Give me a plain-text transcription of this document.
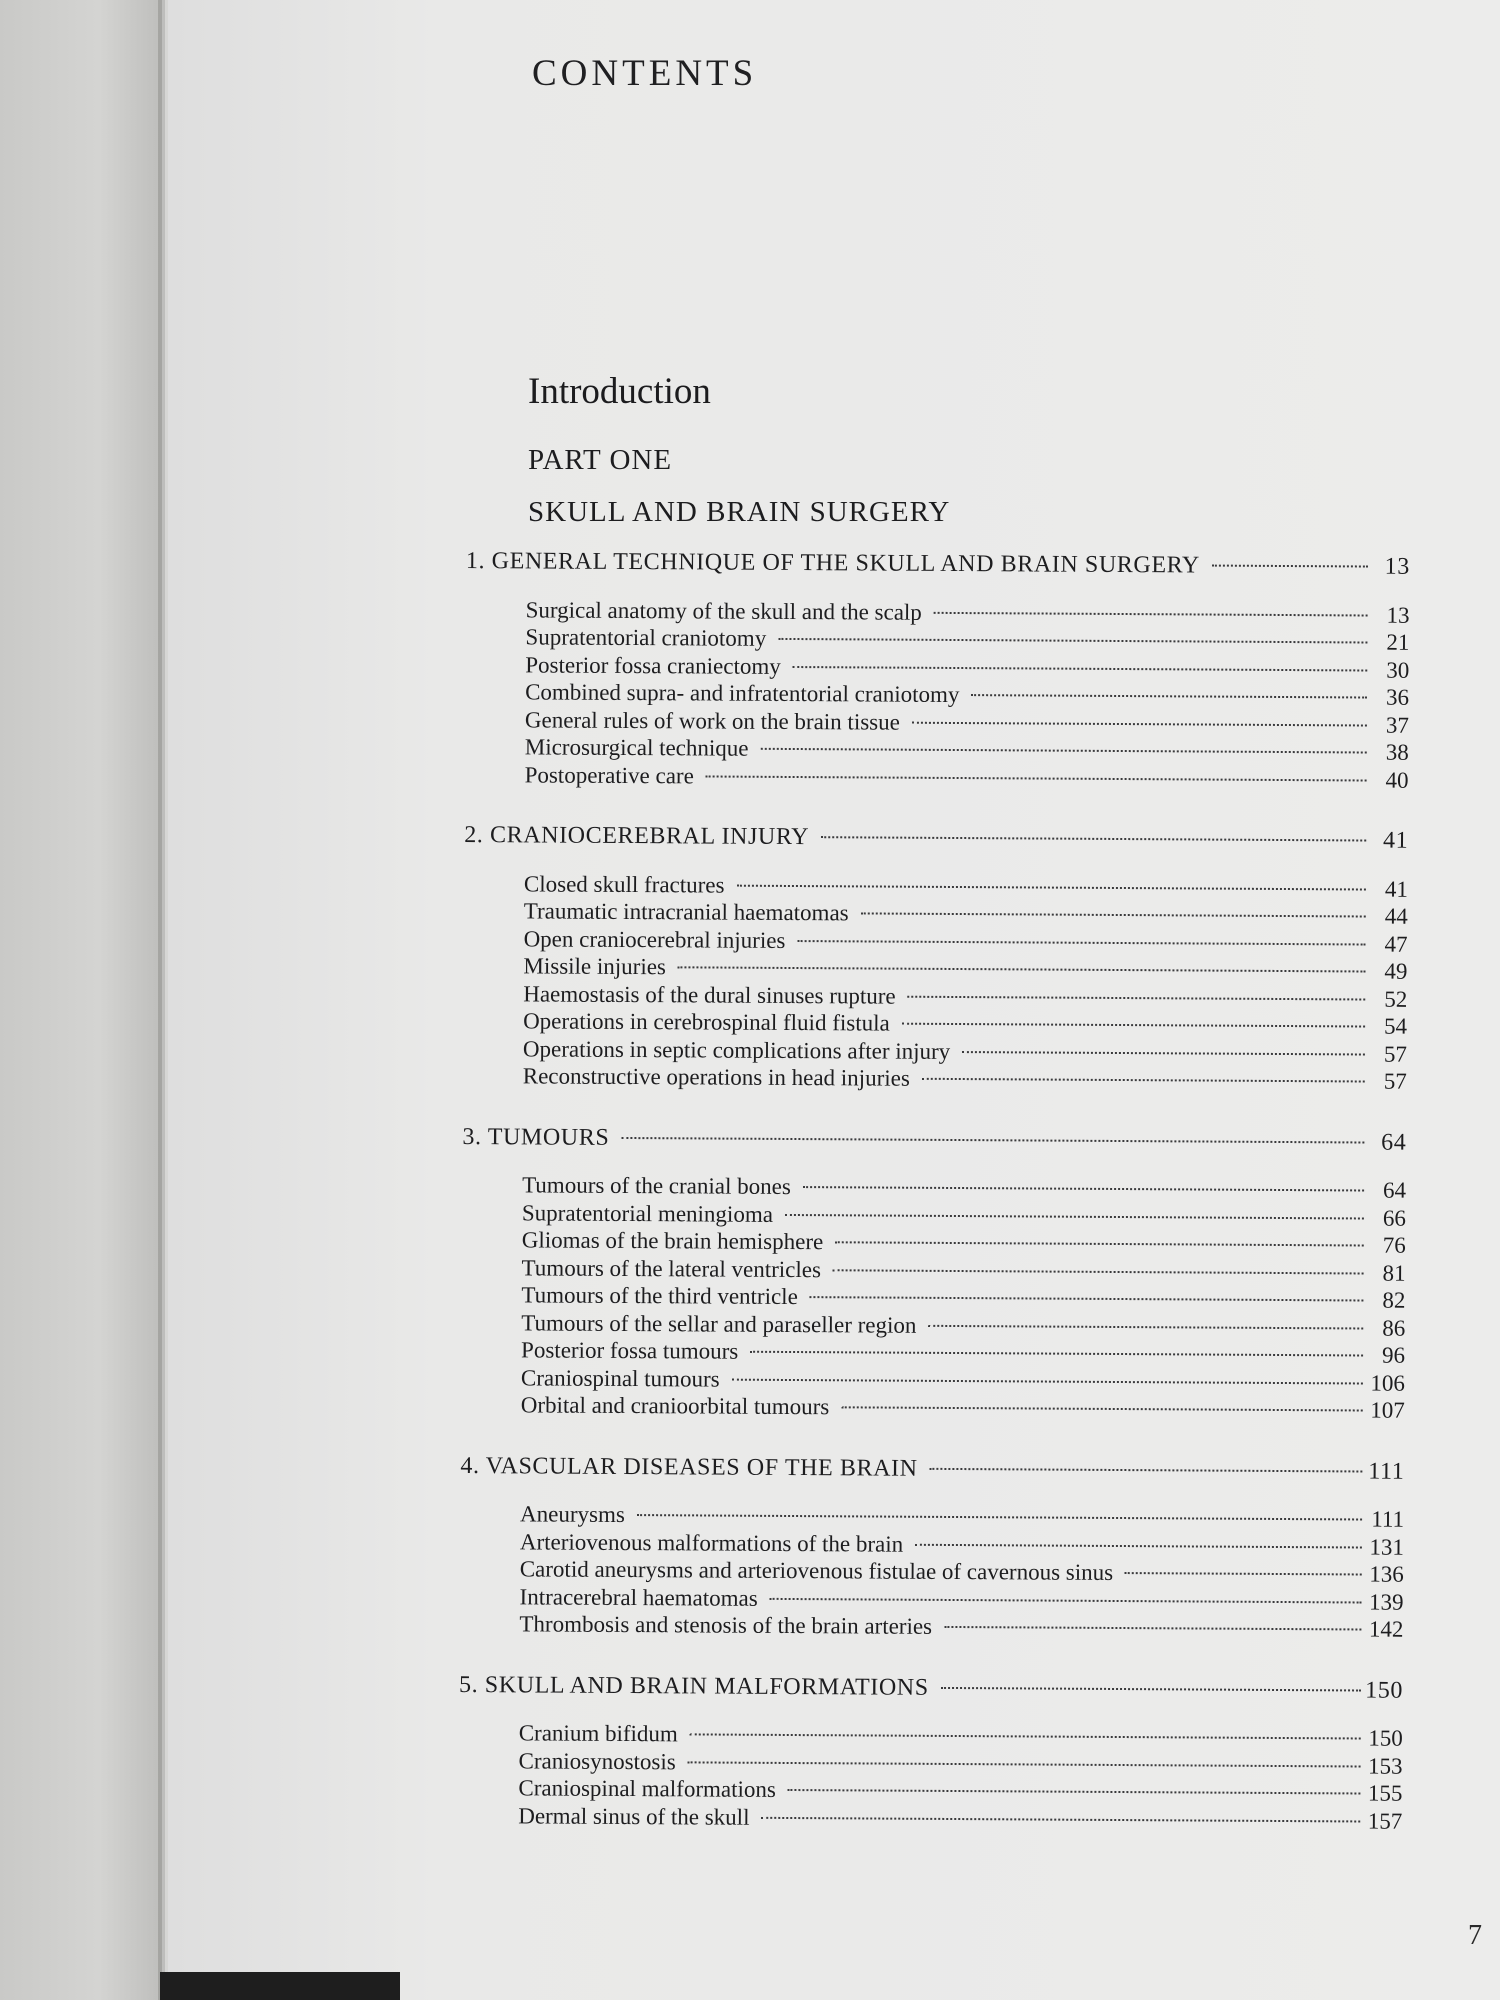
CONTENTS
Introduction
PART ONE
SKULL AND BRAIN SURGERY
1. GENERAL TECHNIQUE OF THE SKULL AND BRAIN SURGERY	13
Surgical anatomy of the skull and the scalp	13
Supratentorial craniotomy	21
Posterior fossa craniectomy	30
Combined supra- and infratentorial craniotomy	36
General rules of work on the brain tissue	37
Microsurgical technique	38
Postoperative care	40
2. CRANIOCEREBRAL INJURY	41
Closed skull fractures	41
Traumatic intracranial haematomas	44
Open craniocerebral injuries	47
Missile injuries	49
Haemostasis of the dural sinuses rupture	52
Operations in cerebrospinal fluid fistula	54
Operations in septic complications after injury	57
Reconstructive operations in head injuries	57
3. TUMOURS	64
Tumours of the cranial bones	64
Supratentorial meningioma	66
Gliomas of the brain hemisphere	76
Tumours of the lateral ventricles	81
Tumours of the third ventricle	82
Tumours of the sellar and paraseller region	86
Posterior fossa tumours	96
Craniospinal tumours	106
Orbital and cranioorbital tumours	107
4. VASCULAR DISEASES OF THE BRAIN	111
Aneurysms	111
Arteriovenous malformations of the brain	131
Carotid aneurysms and arteriovenous fistulae of cavernous sinus	136
Intracerebral haematomas	139
Thrombosis and stenosis of the brain arteries	142
5. SKULL AND BRAIN MALFORMATIONS	150
Cranium bifidum	150
Craniosynostosis	153
Craniospinal malformations	155
Dermal sinus of the skull	157
7
